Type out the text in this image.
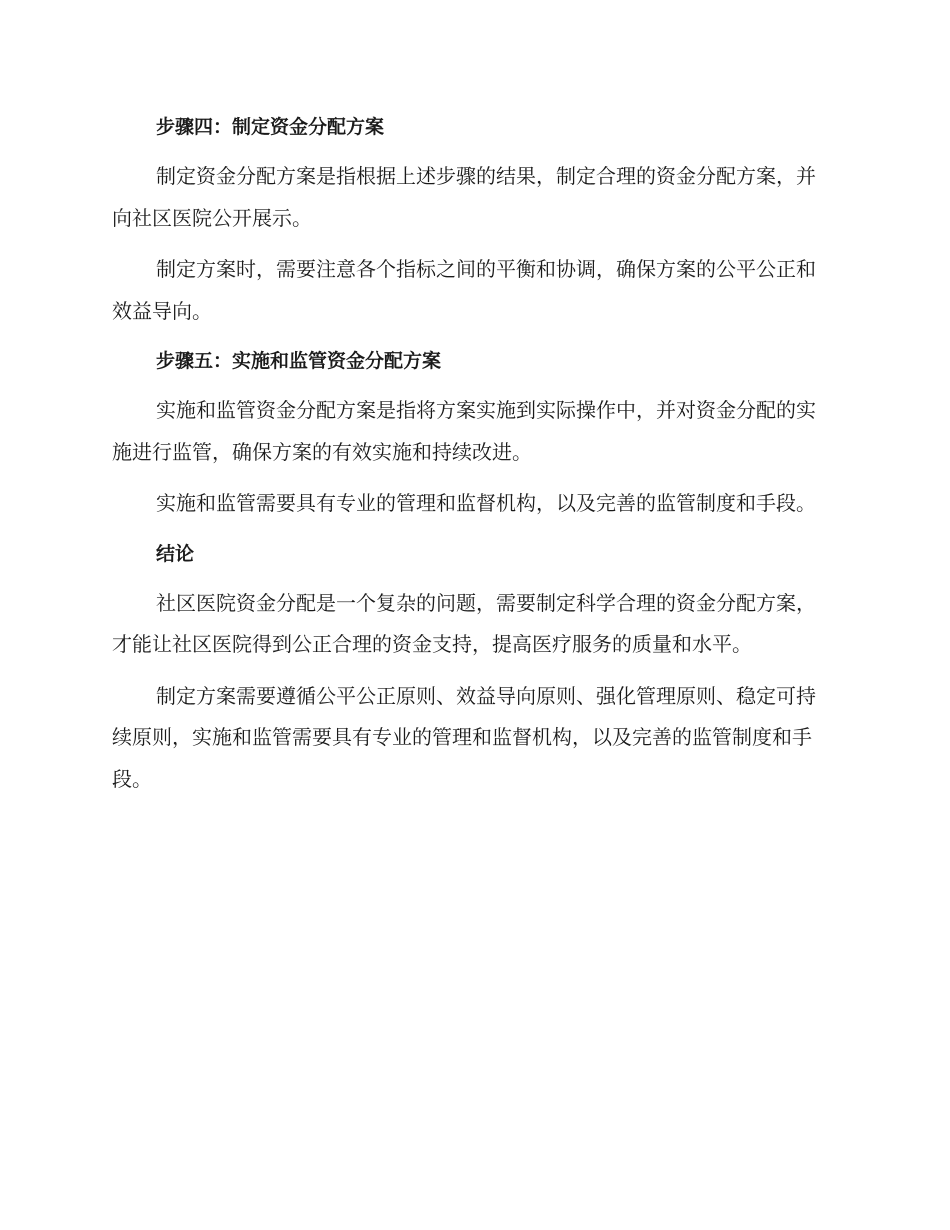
步骤四：制定资金分配方案

制定资金分配方案是指根据上述步骤的结果，制定合理的资金分配方案，并向社区医院公开展示。

制定方案时，需要注意各个指标之间的平衡和协调，确保方案的公平公正和效益导向。

步骤五：实施和监管资金分配方案

实施和监管资金分配方案是指将方案实施到实际操作中，并对资金分配的实施进行监管，确保方案的有效实施和持续改进。

实施和监管需要具有专业的管理和监督机构，以及完善的监管制度和手段。

结论

社区医院资金分配是一个复杂的问题，需要制定科学合理的资金分配方案，才能让社区医院得到公正合理的资金支持，提高医疗服务的质量和水平。

制定方案需要遵循公平公正原则、效益导向原则、强化管理原则、稳定可持续原则，实施和监管需要具有专业的管理和监督机构，以及完善的监管制度和手段。
